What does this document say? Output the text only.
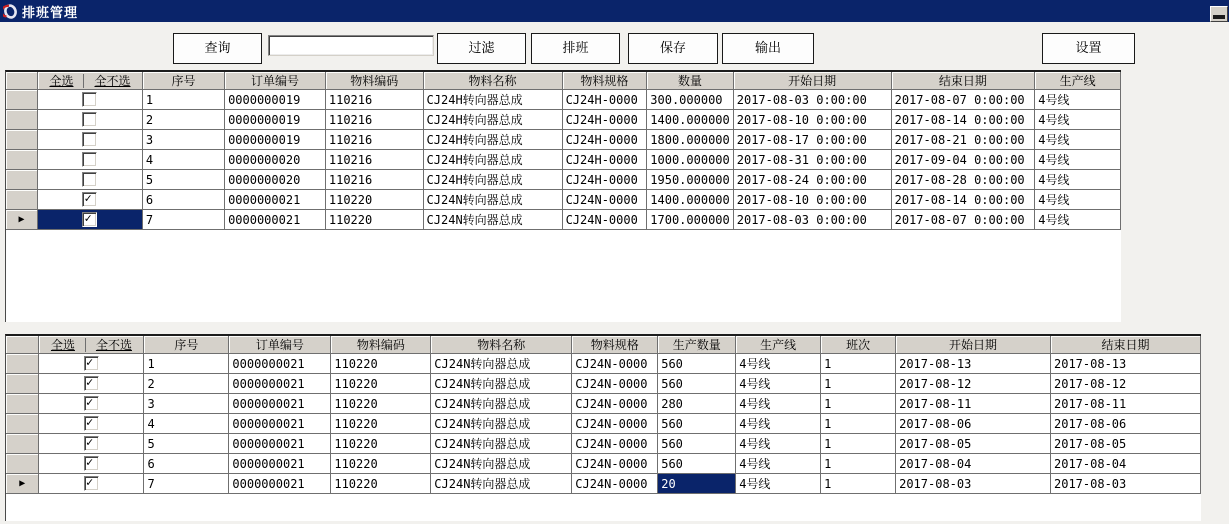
排班管理
查询	过滤	排班	保存	输出	设置

	全选 全不选	序号	订单编号	物料编码	物料名称	物料规格	数量	开始日期	结束日期	生产线
		1	0000000019	110216	CJ24H转向器总成	CJ24H-0000	300.000000	2017-08-03 0:00:00	2017-08-07 0:00:00	4号线
		2	0000000019	110216	CJ24H转向器总成	CJ24H-0000	1400.000000	2017-08-10 0:00:00	2017-08-14 0:00:00	4号线
		3	0000000019	110216	CJ24H转向器总成	CJ24H-0000	1800.000000	2017-08-17 0:00:00	2017-08-21 0:00:00	4号线
		4	0000000020	110216	CJ24H转向器总成	CJ24H-0000	1000.000000	2017-08-31 0:00:00	2017-09-04 0:00:00	4号线
		5	0000000020	110216	CJ24H转向器总成	CJ24H-0000	1950.000000	2017-08-24 0:00:00	2017-08-28 0:00:00	4号线
	✓	6	0000000021	110220	CJ24N转向器总成	CJ24N-0000	1400.000000	2017-08-10 0:00:00	2017-08-14 0:00:00	4号线
▶	✓	7	0000000021	110220	CJ24N转向器总成	CJ24N-0000	1700.000000	2017-08-03 0:00:00	2017-08-07 0:00:00	4号线

	全选 全不选	序号	订单编号	物料编码	物料名称	物料规格	生产数量	生产线	班次	开始日期	结束日期
	✓	1	0000000021	110220	CJ24N转向器总成	CJ24N-0000	560	4号线	1	2017-08-13	2017-08-13
	✓	2	0000000021	110220	CJ24N转向器总成	CJ24N-0000	560	4号线	1	2017-08-12	2017-08-12
	✓	3	0000000021	110220	CJ24N转向器总成	CJ24N-0000	280	4号线	1	2017-08-11	2017-08-11
	✓	4	0000000021	110220	CJ24N转向器总成	CJ24N-0000	560	4号线	1	2017-08-06	2017-08-06
	✓	5	0000000021	110220	CJ24N转向器总成	CJ24N-0000	560	4号线	1	2017-08-05	2017-08-05
	✓	6	0000000021	110220	CJ24N转向器总成	CJ24N-0000	560	4号线	1	2017-08-04	2017-08-04
▶	✓	7	0000000021	110220	CJ24N转向器总成	CJ24N-0000	20	4号线	1	2017-08-03	2017-08-03
